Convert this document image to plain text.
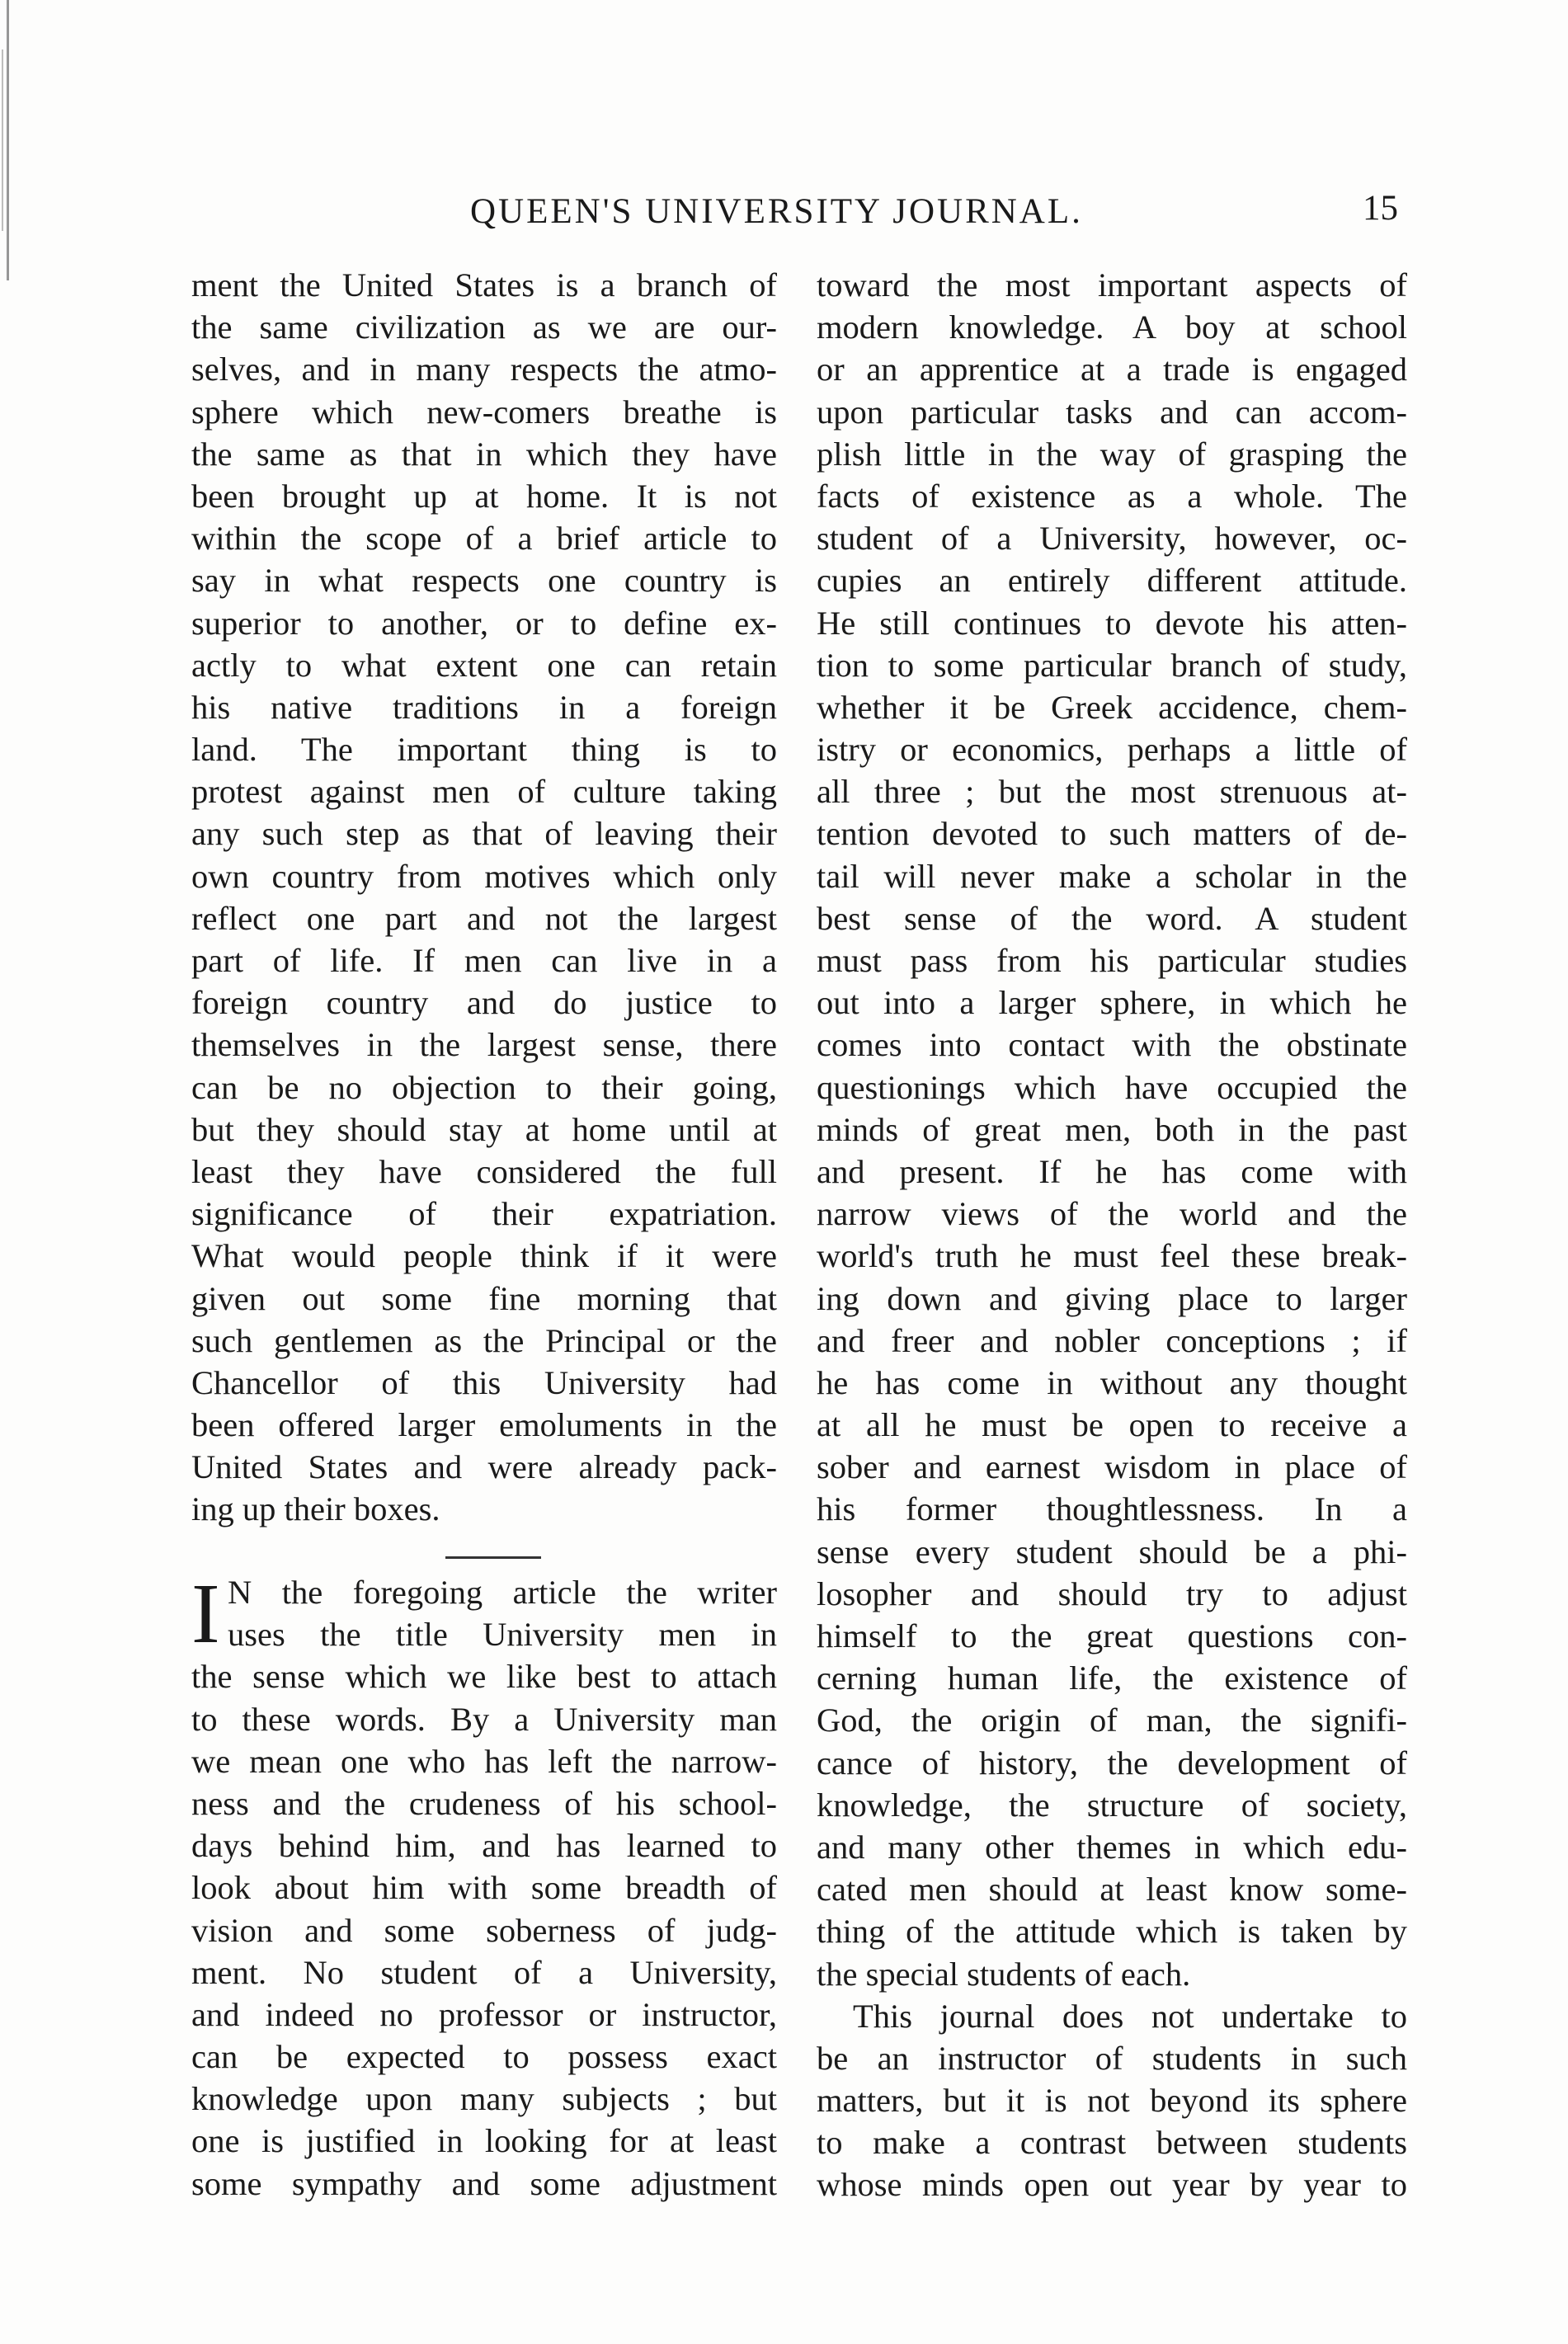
QUEEN'S UNIVERSITY JOURNAL.	15
ment the United States is a branch of
the same civilization as we are our-
selves, and in many respects the atmo-
sphere which new-comers breathe is
the same as that in which they have
been brought up at home. It is not
within the scope of a brief article to
say in what respects one country is
superior to another, or to define ex-
actly to what extent one can retain
his native traditions in a foreign
land. The important thing is to
protest against men of culture taking
any such step as that of leaving their
own country from motives which only
reflect one part and not the largest
part of life. If men can live in a
foreign country and do justice to
themselves in the largest sense, there
can be no objection to their going,
but they should stay at home until at
least they have considered the full
significance of their expatriation.
What would people think if it were
given out some fine morning that
such gentlemen as the Principal or the
Chancellor of this University had
been offered larger emoluments in the
United States and were already pack-
ing up their boxes.
I N the foregoing article the writer
uses the title University men in
the sense which we like best to attach
to these words. By a University man
we mean one who has left the narrow-
ness and the crudeness of his school-
days behind him, and has learned to
look about him with some breadth of
vision and some soberness of judg-
ment. No student of a University,
and indeed no professor or instructor,
can be expected to possess exact
knowledge upon many subjects ; but
one is justified in looking for at least
some sympathy and some adjustment
toward the most important aspects of
modern knowledge. A boy at school
or an apprentice at a trade is engaged
upon particular tasks and can accom-
plish little in the way of grasping the
facts of existence as a whole. The
student of a University, however, oc-
cupies an entirely different attitude.
He still continues to devote his atten-
tion to some particular branch of study,
whether it be Greek accidence, chem-
istry or economics, perhaps a little of
all three ; but the most strenuous at-
tention devoted to such matters of de-
tail will never make a scholar in the
best sense of the word. A student
must pass from his particular studies
out into a larger sphere, in which he
comes into contact with the obstinate
questionings which have occupied the
minds of great men, both in the past
and present. If he has come with
narrow views of the world and the
world's truth he must feel these break-
ing down and giving place to larger
and freer and nobler conceptions ; if
he has come in without any thought
at all he must be open to receive a
sober and earnest wisdom in place of
his former thoughtlessness. In a
sense every student should be a phi-
losopher and should try to adjust
himself to the great questions con-
cerning human life, the existence of
God, the origin of man, the signifi-
cance of history, the development of
knowledge, the structure of society,
and many other themes in which edu-
cated men should at least know some-
thing of the attitude which is taken by
the special students of each.
This journal does not undertake to
be an instructor of students in such
matters, but it is not beyond its sphere
to make a contrast between students
whose minds open out year by year to
